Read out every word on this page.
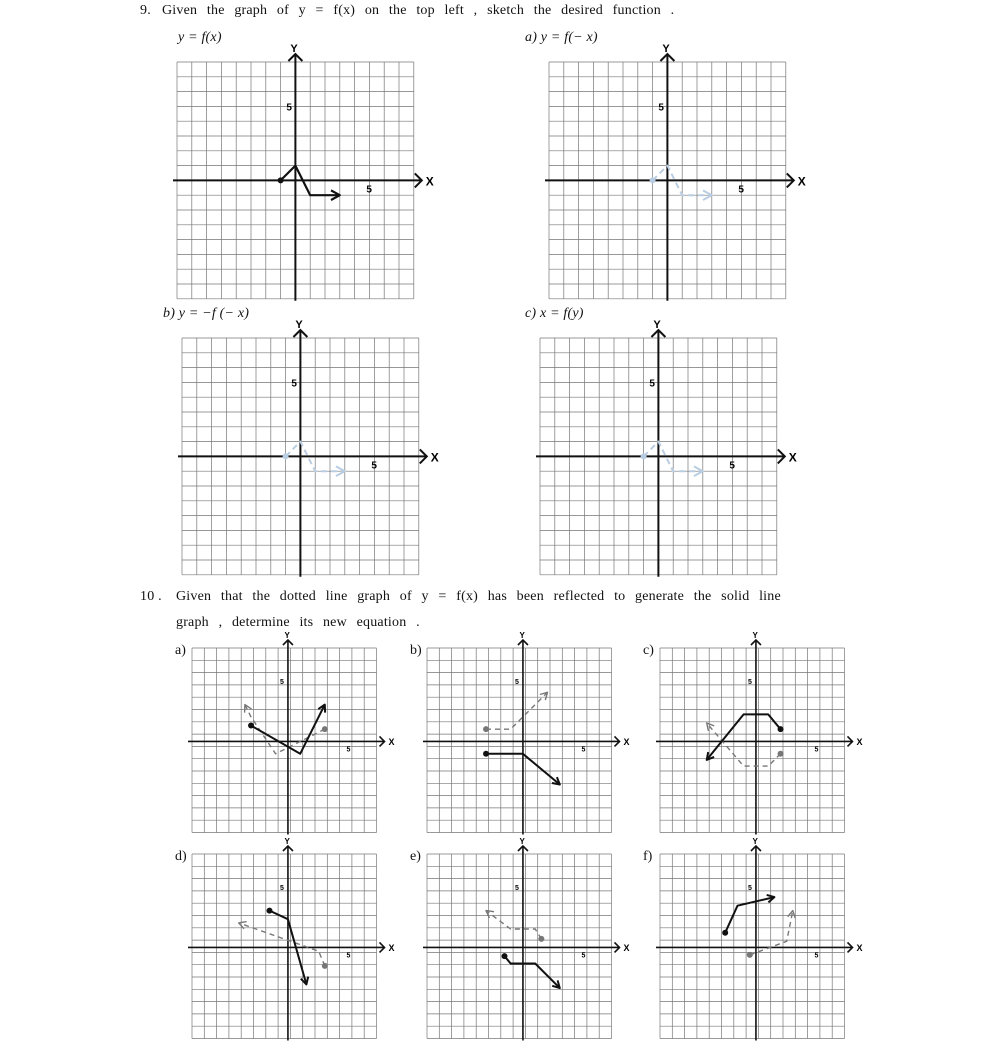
9. Given the graph of y = f(x) on the top left , sketch the desired function .
y = f(x)	a) y = f(− x)
b) y = −f (− x)	c) x = f(y)
X
Y
5
5
X
Y
5
5
X
Y
5
5
X
Y
5
5
10 . Given that the dotted line graph of y = f(x) has been reflected to generate the solid line
graph , determine its new equation .
a)	b)	c)
d)	e)	f)
X
Y
5
5
X
Y
5
5
X
Y
5
5
X
Y
5
5
X
Y
5
5
X
Y
5
5
